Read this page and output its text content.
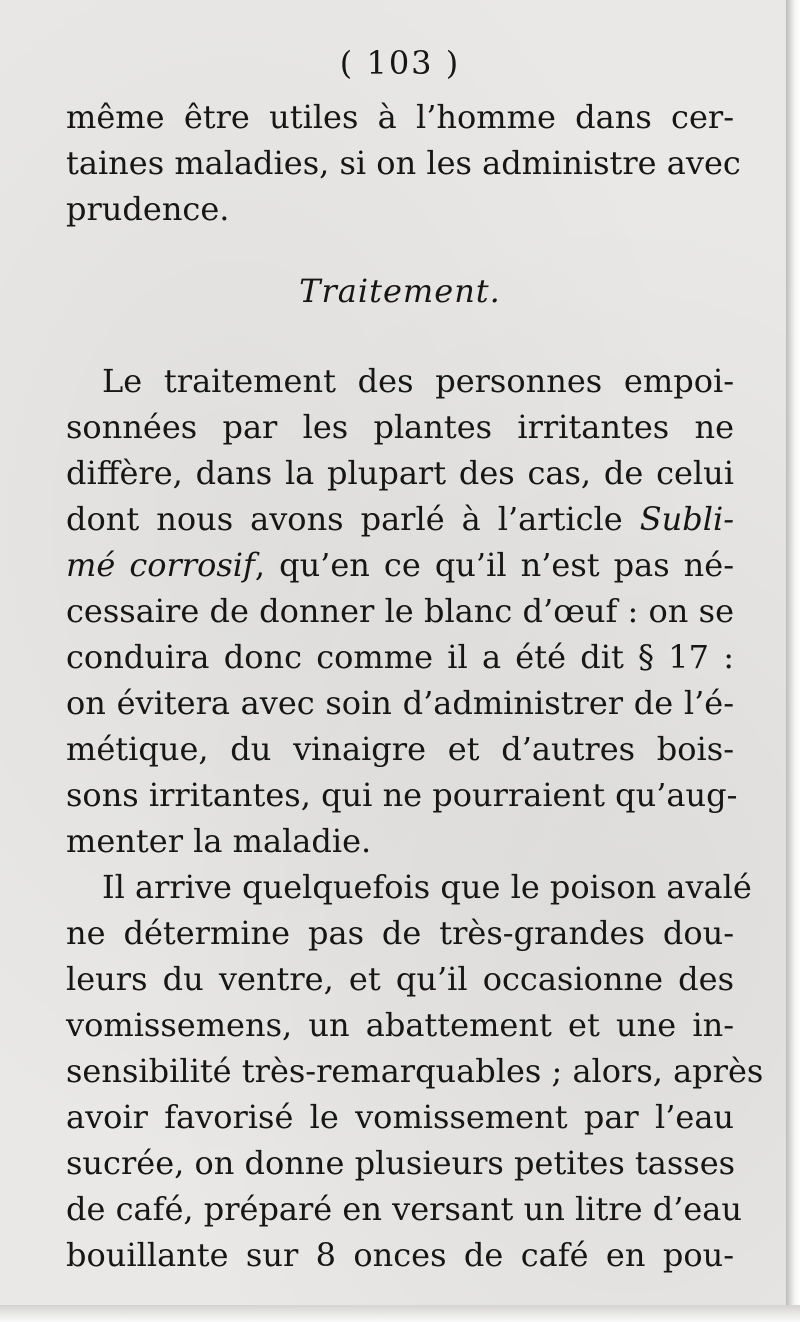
( 103 )
même être utiles à l’homme dans cer-
taines maladies, si on les administre avec
prudence.
Traitement.
Le traitement des personnes empoi-
sonnées par les plantes irritantes ne
diffère, dans la plupart des cas, de celui
dont nous avons parlé à l’article Subli-
mé corrosif, qu’en ce qu’il n’est pas né-
cessaire de donner le blanc d’œuf : on se
conduira donc comme il a été dit § 17 :
on évitera avec soin d’administrer de l’é-
métique, du vinaigre et d’autres bois-
sons irritantes, qui ne pourraient qu’aug-
menter la maladie.
Il arrive quelquefois que le poison avalé
ne détermine pas de très-grandes dou-
leurs du ventre, et qu’il occasionne des
vomissemens, un abattement et une in-
sensibilité très-remarquables ; alors, après
avoir favorisé le vomissement par l’eau
sucrée, on donne plusieurs petites tasses
de café, préparé en versant un litre d’eau
bouillante sur 8 onces de café en pou-
